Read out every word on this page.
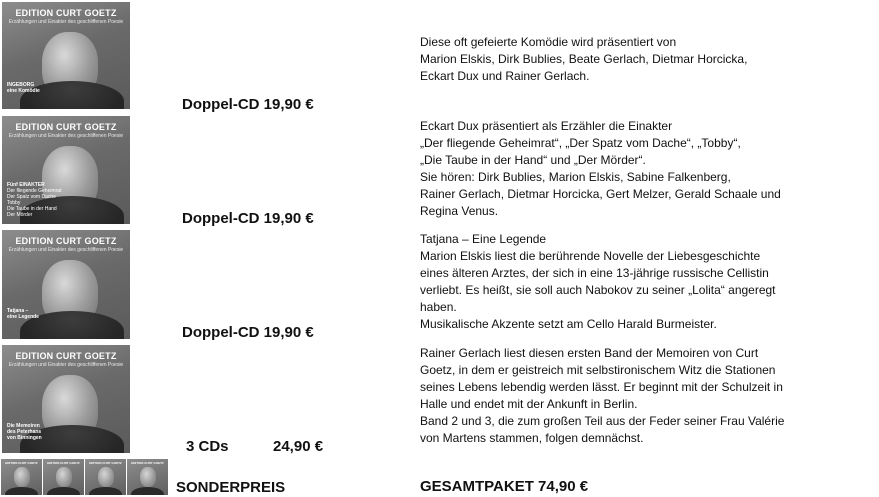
EDITION CURT GOETZ
Erzählungen und Einakter des geschliffenen Poesie
INGEBORG
eine Komödie
Doppel-CD 19,90 €
EDITION CURT GOETZ
Erzählungen und Einakter des geschliffenen Poesie
Fünf EINAKTER
Der fliegende Geheimrat
Der Spatz vom Dache
Tobby
Die Taube in der Hand
Der Mörder	Doppel-CD 19,90 €
EDITION CURT GOETZ
Erzählungen und Einakter des geschliffenen Poesie
Tatjana –
eine Legende
Doppel-CD 19,90 €
EDITION CURT GOETZ
Erzählungen und Einakter des geschliffenen Poesie
Die Memoiren
des Peterhans
von Binningen	3 CDs	24,90 €
EDITION CURT GOETZ	EDITION CURT GOETZ	EDITION CURT GOETZ	EDITION CURT GOETZ
SONDERPREIS

Diese oft gefeierte Komödie wird präsentiert von

Marion Elskis, Dirk Bublies, Beate Gerlach, Dietmar Horcicka,

Eckart Dux und Rainer Gerlach.

Eckart Dux präsentiert als Erzähler die Einakter

„Der fliegende Geheimrat“, „Der Spatz vom Dache“, „Tobby“,

„Die Taube in der Hand“ und „Der Mörder“.

Sie hören: Dirk Bublies, Marion Elskis, Sabine Falkenberg,

Rainer Gerlach, Dietmar Horcicka, Gert Melzer, Gerald Schaale und

Regina Venus.

Tatjana – Eine Legende

Marion Elskis liest die berührende Novelle der Liebesgeschichte

eines älteren Arztes, der sich in eine 13-jährige russische Cellistin

verliebt. Es heißt, sie soll auch Nabokov zu seiner „Lolita“ angeregt

haben.

Musikalische Akzente setzt am Cello Harald Burmeister.

Rainer Gerlach liest diesen ersten Band der Memoiren von Curt

Goetz, in dem er geistreich mit selbstironischem Witz die Stationen

seines Lebens lebendig werden lässt. Er beginnt mit der Schulzeit in

Halle und endet mit der Ankunft in Berlin.

Band 2 und 3, die zum großen Teil aus der Feder seiner Frau Valérie

von Martens stammen, folgen demnächst.

GESAMTPAKET 74,90 €
